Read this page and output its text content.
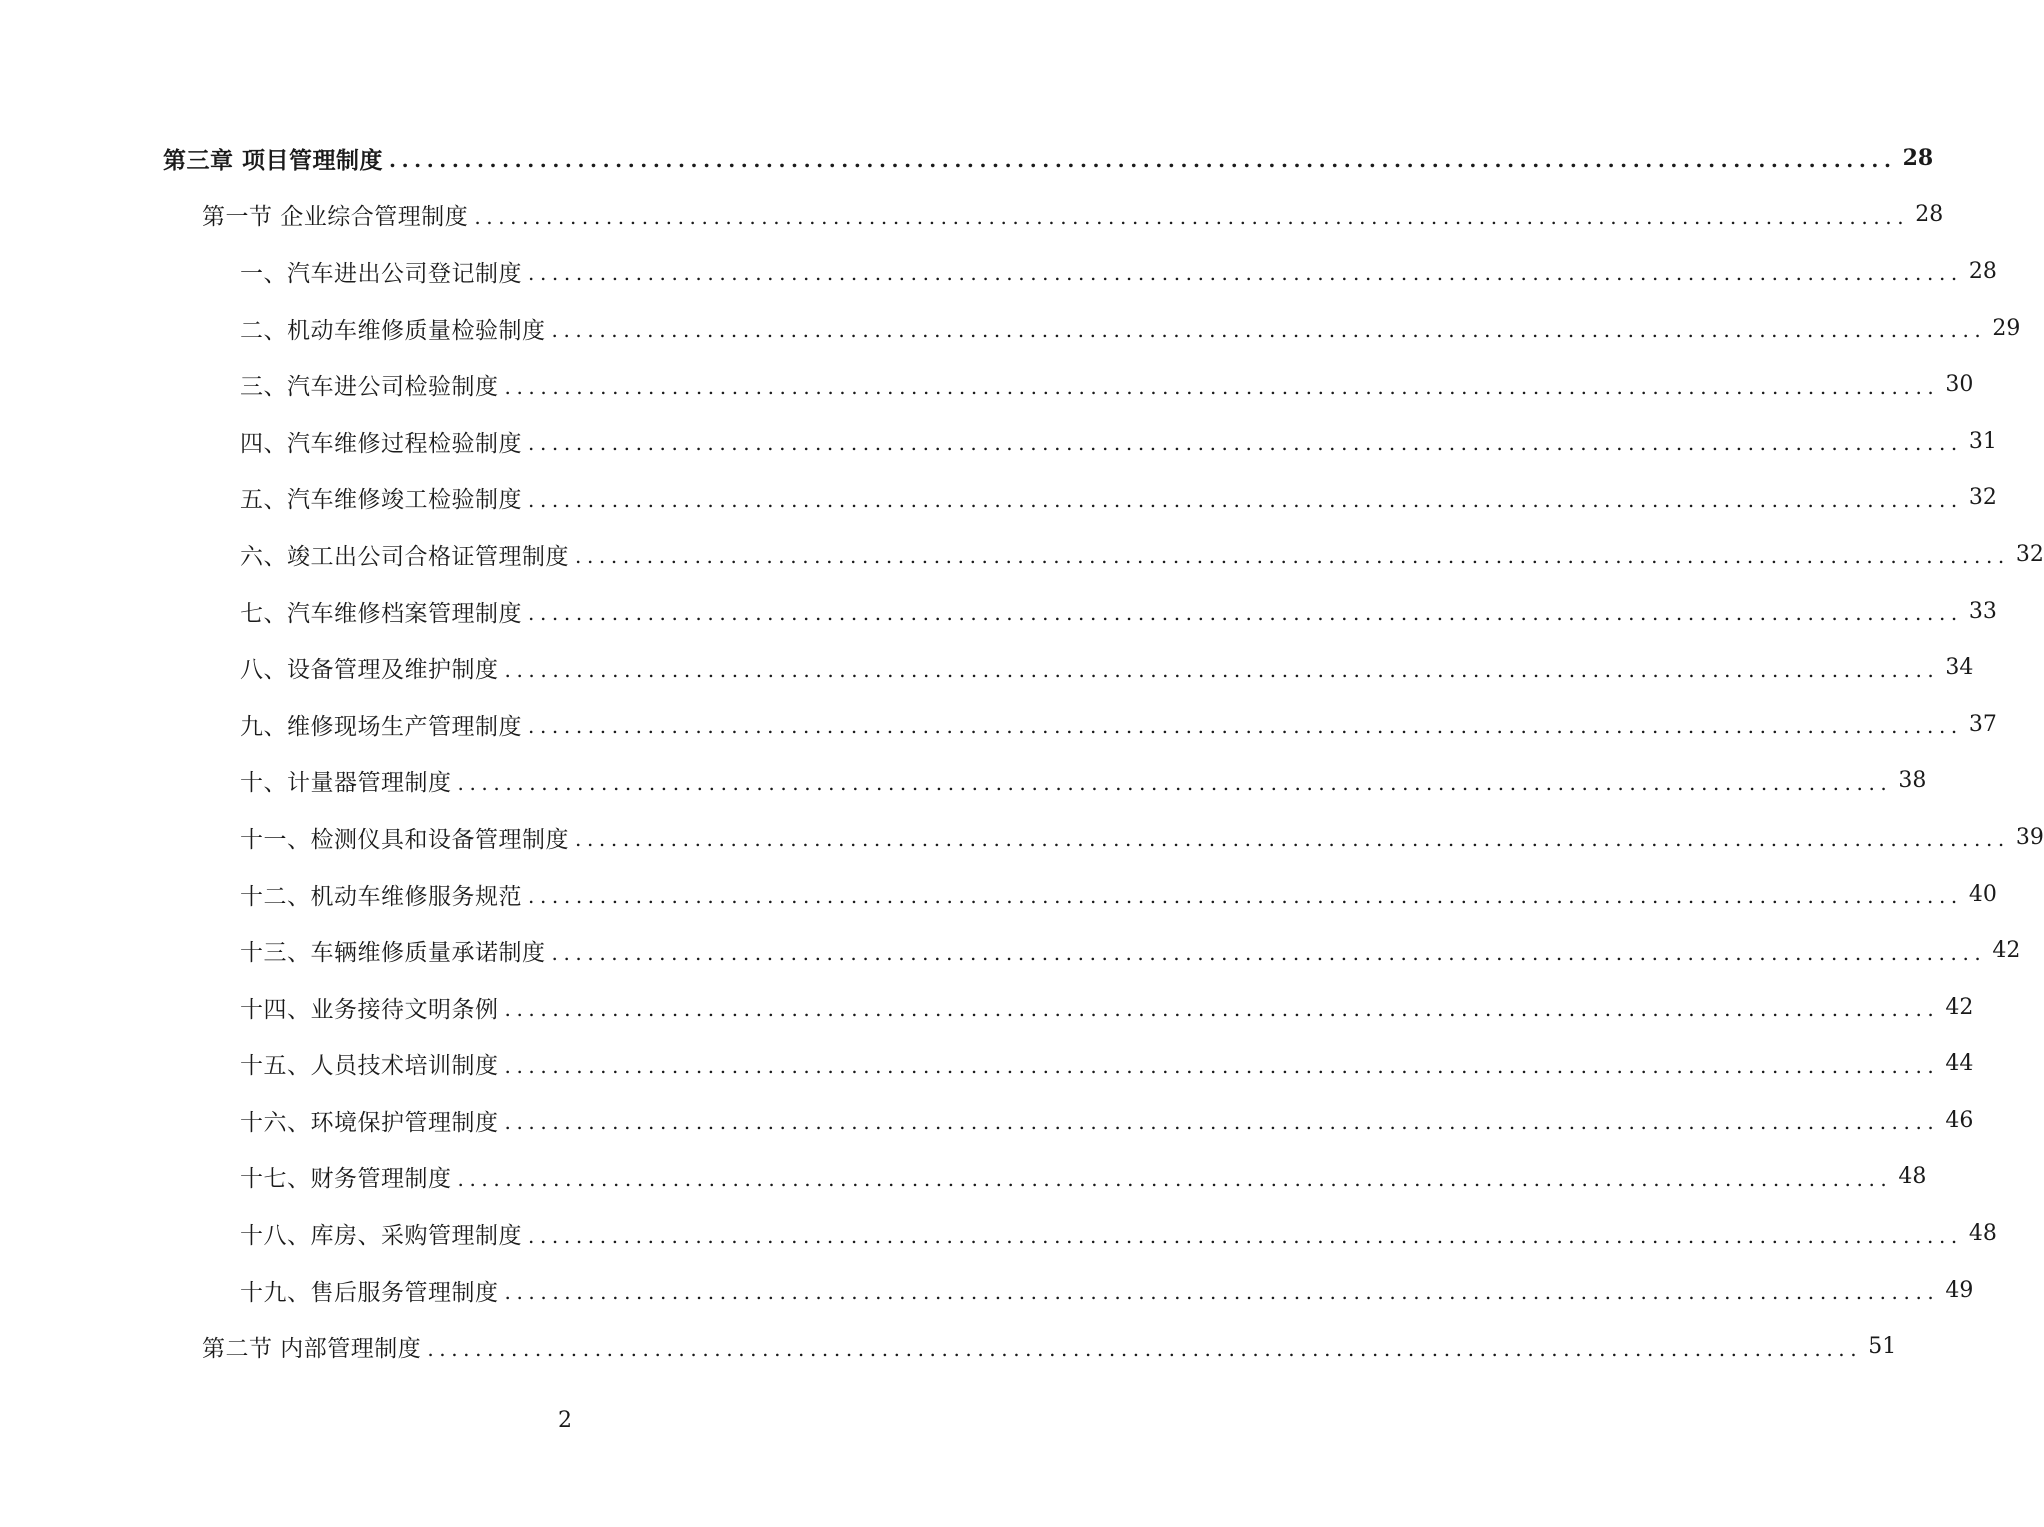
第三章 项目管理制度 ........................................................................................................................ 28
第一节 企业综合管理制度 ........................................................................................................................ 28
一、汽车进出公司登记制度 ........................................................................................................................ 28
二、机动车维修质量检验制度 ........................................................................................................................ 29
三、汽车进公司检验制度 ........................................................................................................................ 30
四、汽车维修过程检验制度 ........................................................................................................................ 31
五、汽车维修竣工检验制度 ........................................................................................................................ 32
六、竣工出公司合格证管理制度 ........................................................................................................................ 32
七、汽车维修档案管理制度 ........................................................................................................................ 33
八、设备管理及维护制度 ........................................................................................................................ 34
九、维修现场生产管理制度 ........................................................................................................................ 37
十、计量器管理制度 ........................................................................................................................ 38
十一、检测仪具和设备管理制度 ........................................................................................................................ 39
十二、机动车维修服务规范 ........................................................................................................................ 40
十三、车辆维修质量承诺制度 ........................................................................................................................ 42
十四、业务接待文明条例 ........................................................................................................................ 42
十五、人员技术培训制度 ........................................................................................................................ 44
十六、环境保护管理制度 ........................................................................................................................ 46
十七、财务管理制度 ........................................................................................................................ 48
十八、库房、采购管理制度 ........................................................................................................................ 48
十九、售后服务管理制度 ........................................................................................................................ 49
第二节 内部管理制度 ........................................................................................................................ 51
2
